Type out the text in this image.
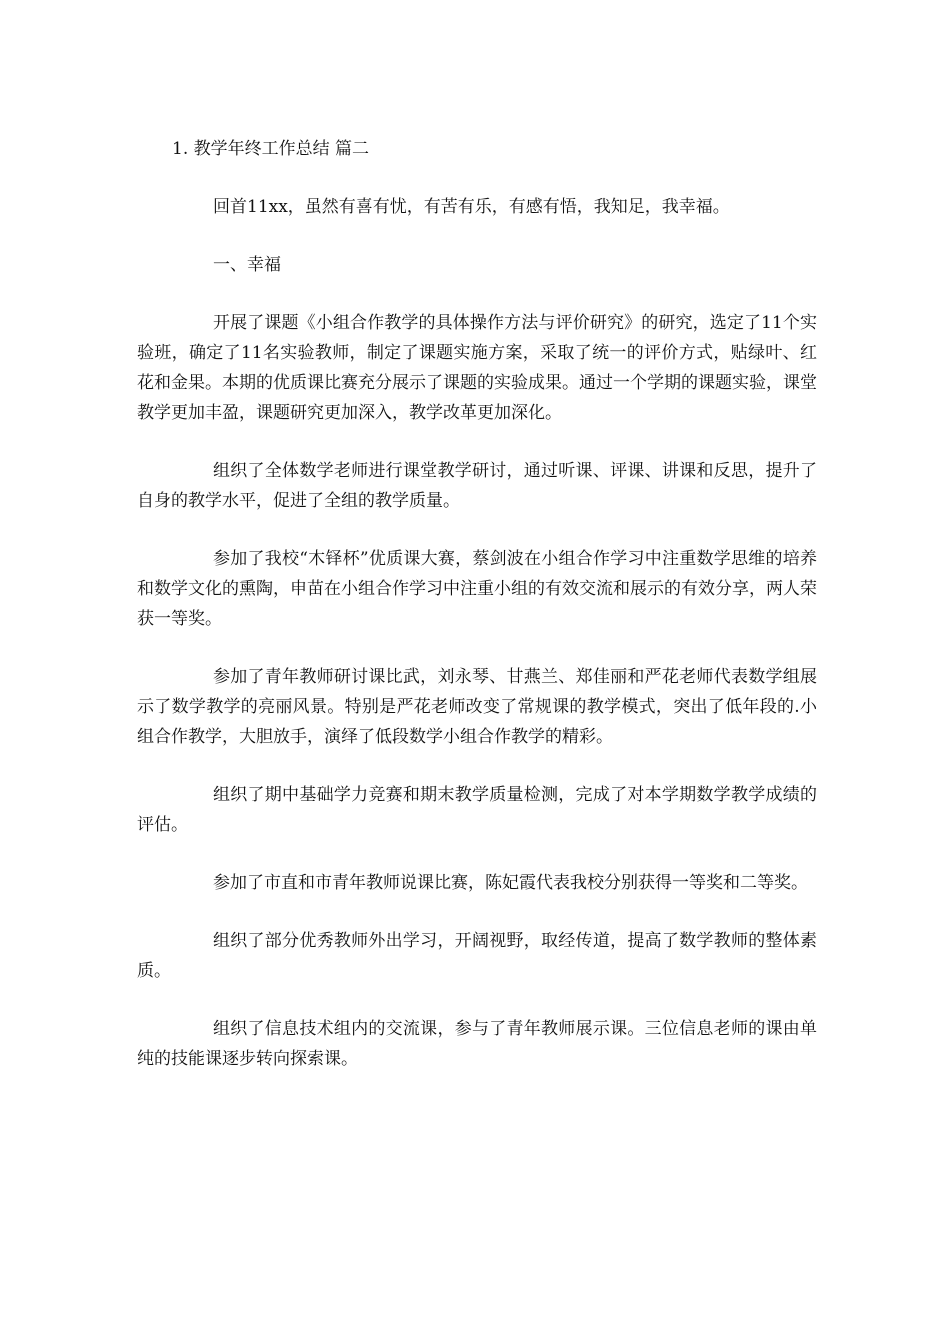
1. 教学年终工作总结 篇二

回首11xx，虽然有喜有忧，有苦有乐，有感有悟，我知足，我幸福。

一、幸福

开展了课题《小组合作教学的具体操作方法与评价研究》的研究，选定了11个实验班，确定了11名实验教师，制定了课题实施方案，采取了统一的评价方式，贴绿叶、红花和金果。本期的优质课比赛充分展示了课题的实验成果。通过一个学期的课题实验，课堂教学更加丰盈，课题研究更加深入，教学改革更加深化。

组织了全体数学老师进行课堂教学研讨，通过听课、评课、讲课和反思，提升了自身的教学水平，促进了全组的教学质量。

参加了我校“木铎杯”优质课大赛，蔡剑波在小组合作学习中注重数学思维的培养和数学文化的熏陶，申苗在小组合作学习中注重小组的有效交流和展示的有效分享，两人荣获一等奖。

参加了青年教师研讨课比武，刘永琴、甘燕兰、郑佳丽和严花老师代表数学组展示了数学教学的亮丽风景。特别是严花老师改变了常规课的教学模式，突出了低年段的.小组合作教学，大胆放手，演绎了低段数学小组合作教学的精彩。

组织了期中基础学力竞赛和期末教学质量检测，完成了对本学期数学教学成绩的评估。

参加了市直和市青年教师说课比赛，陈妃霞代表我校分别获得一等奖和二等奖。

组织了部分优秀教师外出学习，开阔视野，取经传道，提高了数学教师的整体素质。

组织了信息技术组内的交流课，参与了青年教师展示课。三位信息老师的课由单纯的技能课逐步转向探索课。
